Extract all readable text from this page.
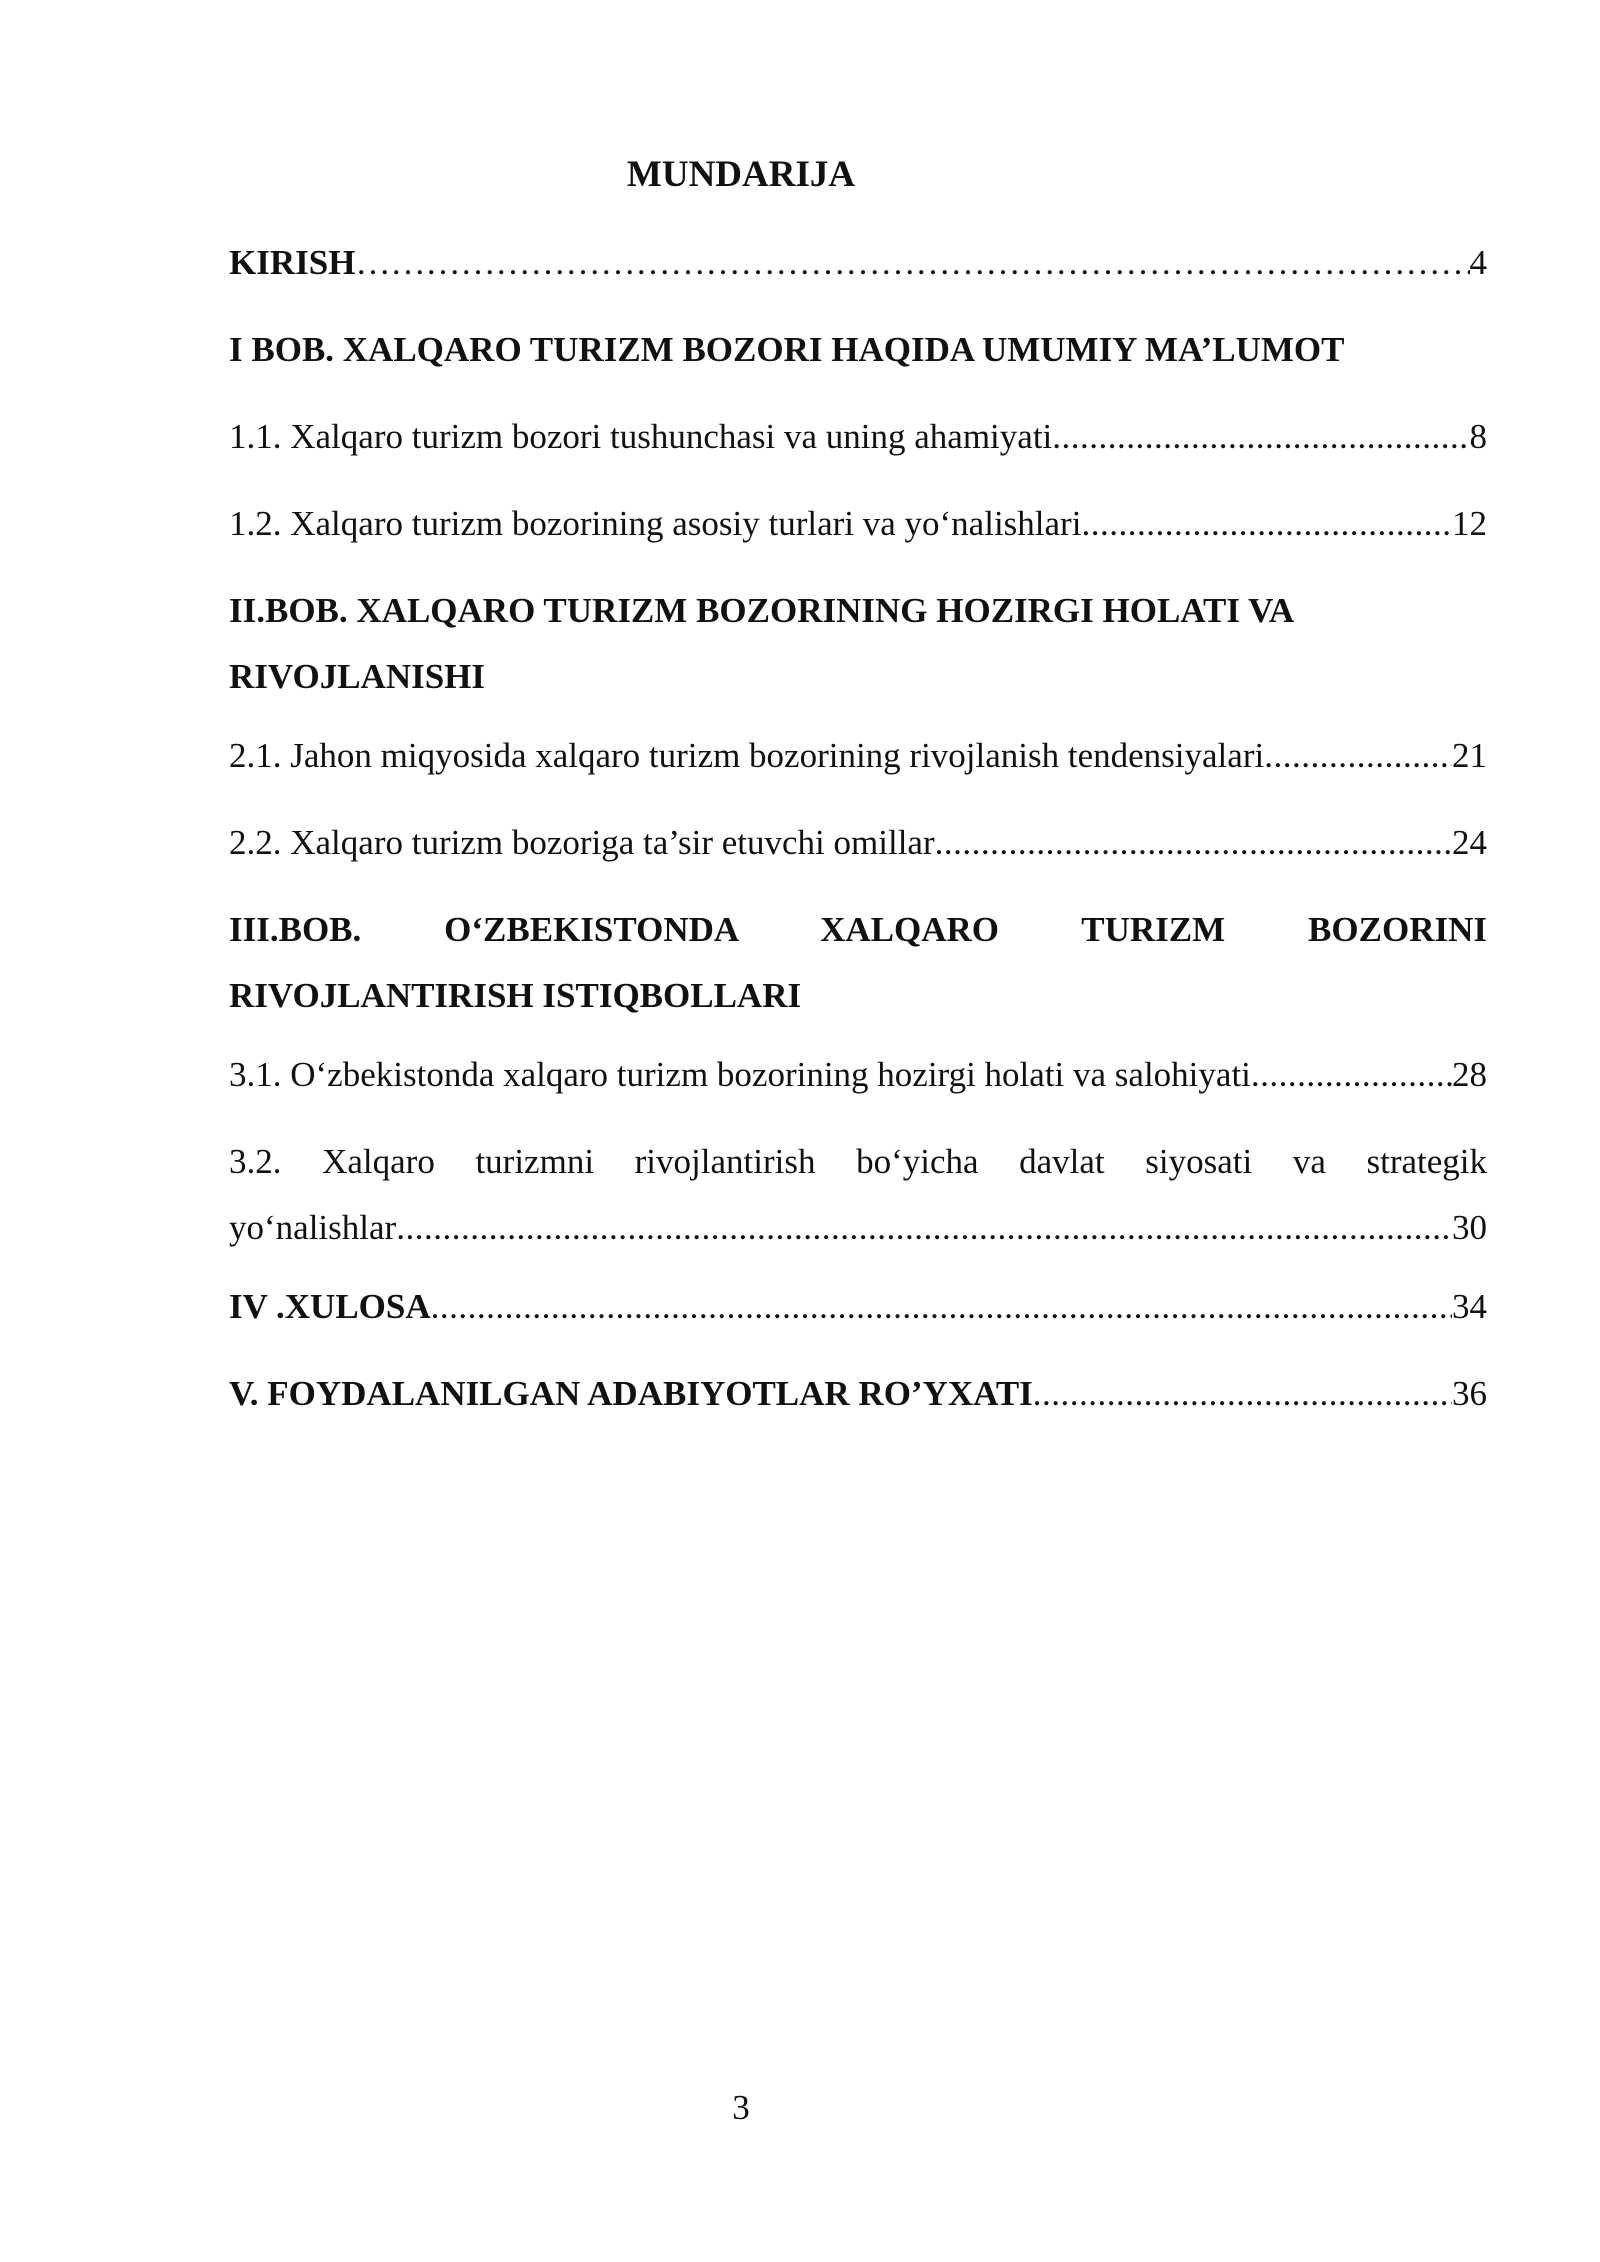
MUNDARIJA
KIRISH ……………………………………………………………………………………………………………………………………………………………………………………………………………………………………………………	4
I BOB. XALQARO TURIZM BOZORI HAQIDA UMUMIY MA’LUMOT
1.1. Xalqaro turizm bozori tushunchasi va uning ahamiyati .....	8
1.2. Xalqaro turizm bozorining asosiy turlari va yo‘nalishlari .....	12
II.BOB. XALQARO TURIZM BOZORINING HOZIRGI HOLATI VA
RIVOJLANISHI
2.1. Jahon miqyosida xalqaro turizm bozorining rivojlanish tendensiyalari .....	21
2.2. Xalqaro turizm bozoriga ta’sir etuvchi omillar .....	24
III.BOB. O‘ZBEKISTONDA XALQARO TURIZM BOZORINI
RIVOJLANTIRISH ISTIQBOLLARI
3.1. O‘zbekistonda xalqaro turizm bozorining hozirgi holati va salohiyati .....	28
3.2. Xalqaro turizmni rivojlantirish bo‘yicha davlat siyosati va strategik
yo‘nalishlar .....	30
IV .XULOSA .....	34
V. FOYDALANILGAN ADABIYOTLAR RO’YXATI .....	36
3
